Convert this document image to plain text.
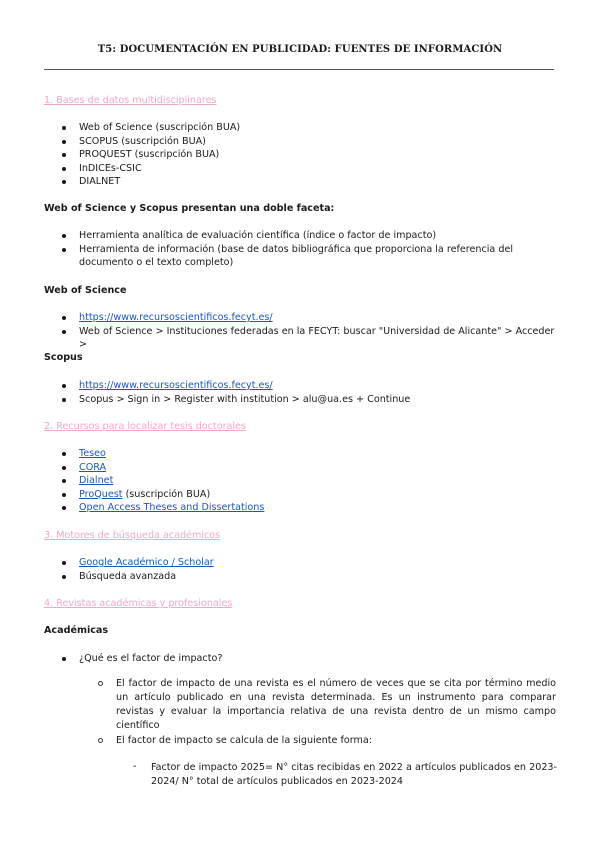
T5: DOCUMENTACIÓN EN PUBLICIDAD: FUENTES DE INFORMACIÓN
1. Bases de datos multidisciplinares
Web of Science (suscripción BUA)
SCOPUS (suscripción BUA)
PROQUEST (suscripción BUA)
InDICEs-CSIC
DIALNET
Web of Science y Scopus presentan una doble faceta:
Herramienta analítica de evaluación científica (índice o factor de impacto)
Herramienta de información (base de datos bibliográfica que proporciona la referencia del documento o el texto completo)
Web of Science
https://www.recursoscientificos.fecyt.es/
Web of Science > Instituciones federadas en la FECYT: buscar "Universidad de Alicante" > Acceder >
Scopus
https://www.recursoscientificos.fecyt.es/
Scopus > Sign in > Register with institution > alu@ua.es + Continue
2. Recursos para localizar tesis doctorales
Teseo
CORA
Dialnet
ProQuest (suscripción BUA)
Open Access Theses and Dissertations
3. Motores de búsqueda académicos
Google Académico / Scholar
Búsqueda avanzada
4. Revistas académicas y profesionales
Académicas
¿Qué es el factor de impacto?
El factor de impacto de una revista es el número de veces que se cita por término medio un artículo publicado en una revista determinada. Es un instrumento para comparar revistas y evaluar la importancia relativa de una revista dentro de un mismo campo científico
El factor de impacto se calcula de la siguiente forma:
- Factor de impacto 2025= N° citas recibidas en 2022 a artículos publicados en 2023-2024/ N° total de artículos publicados en 2023-2024
